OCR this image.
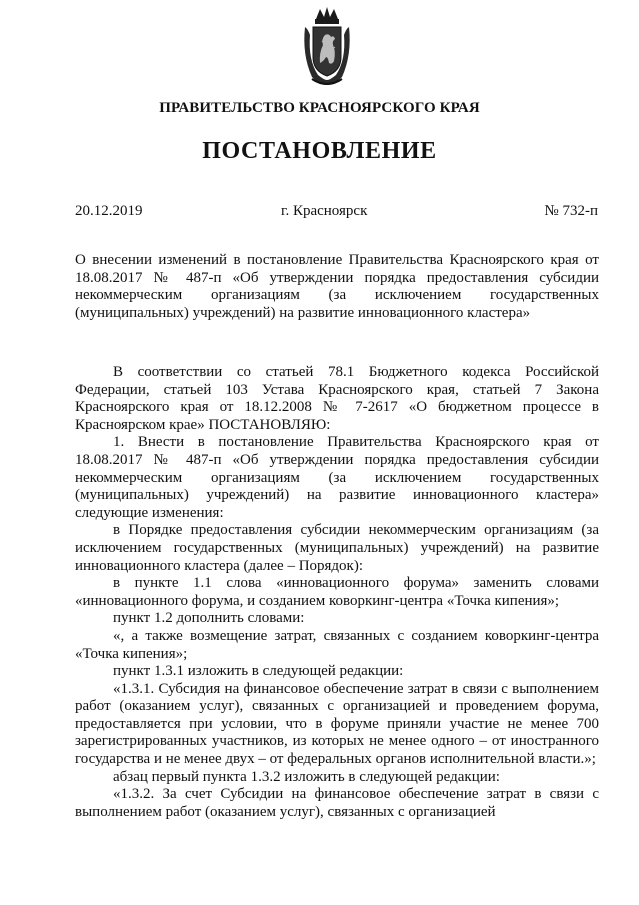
ПРАВИТЕЛЬСТВО КРАСНОЯРСКОГО КРАЯ
ПОСТАНОВЛЕНИЕ
20.12.2019	г. Красноярск	№ 732-п
О внесении изменений в постановление Правительства Красноярского края от 18.08.2017 № 487-п «Об утверждении порядка предоставления субсидии некоммерческим организациям (за исключением государственных (муниципальных) учреждений) на развитие инновационного кластера»

В соответствии со статьей 78.1 Бюджетного кодекса Российской Федерации, статьей 103 Устава Красноярского края, статьей 7 Закона Красноярского края от 18.12.2008 № 7-2617 «О бюджетном процессе в Красноярском крае» ПОСТАНОВЛЯЮ:

1. Внести в постановление Правительства Красноярского края от 18.08.2017 № 487-п «Об утверждении порядка предоставления субсидии некоммерческим организациям (за исключением государственных (муниципальных) учреждений) на развитие инновационного кластера» следующие изменения:

в Порядке предоставления субсидии некоммерческим организациям (за исключением государственных (муниципальных) учреждений) на развитие инновационного кластера (далее – Порядок):

в пункте 1.1 слова «инновационного форума» заменить словами «инновационного форума, и созданием коворкинг-центра «Точка кипения»;

пункт 1.2 дополнить словами:

«, а также возмещение затрат, связанных с созданием коворкинг-центра «Точка кипения»;

пункт 1.3.1 изложить в следующей редакции:

«1.3.1. Субсидия на финансовое обеспечение затрат в связи с выполнением работ (оказанием услуг), связанных с организацией и проведением форума, предоставляется при условии, что в форуме приняли участие не менее 700 зарегистрированных участников, из которых не менее одного – от иностранного государства и не менее двух – от федеральных органов исполнительной власти.»;

абзац первый пункта 1.3.2 изложить в следующей редакции:

«1.3.2. За счет Субсидии на финансовое обеспечение затрат в связи с выполнением работ (оказанием услуг), связанных с организацией
